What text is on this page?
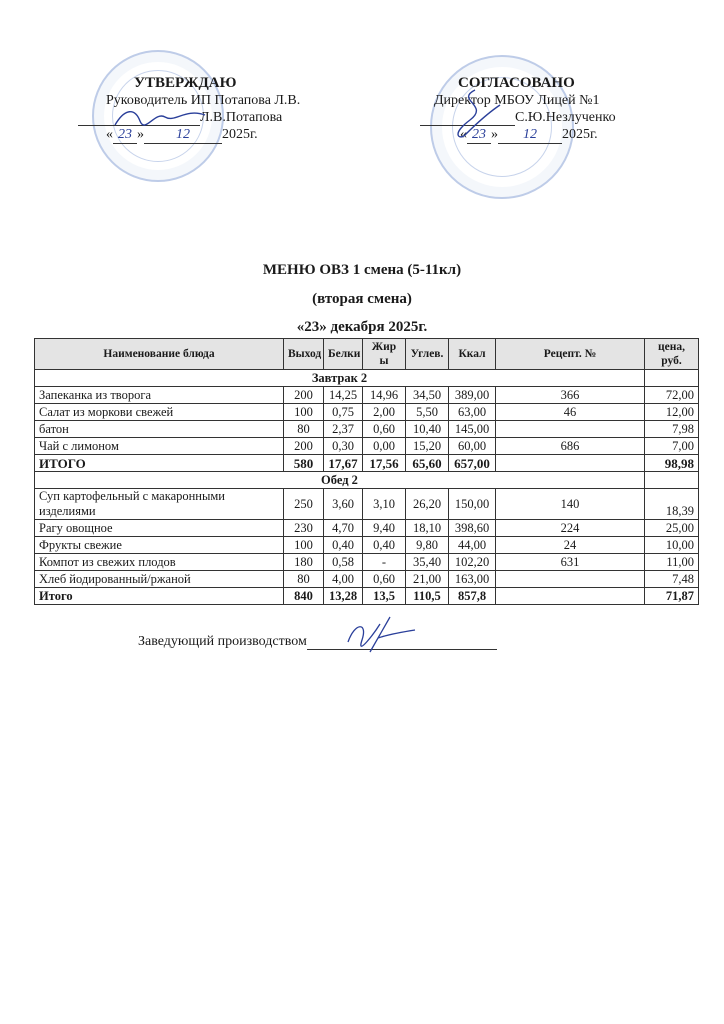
УТВЕРЖДАЮ
Руководитель ИП Потапова Л.В.
Л.В.Потапова
« 23 » 12 2025г.
СОГЛАСОВАНО
Директор МБОУ Лицей №1
С.Ю.Незлученко
« 23 » 12 2025г.
МЕНЮ ОВЗ 1 смена (5-11кл)
(вторая смена)
«23» декабря 2025г.
Наименование блюда	Выход	Белки	Жир ы	Углев.	Ккал	Рецепт. №	цена, руб.
Завтрак 2							
Запеканка из творога	200	14,25	14,96	34,50	389,00	366	72,00
Салат из моркови свежей	100	0,75	2,00	5,50	63,00	46	12,00
батон	80	2,37	0,60	10,40	145,00		7,98
Чай с лимоном	200	0,30	0,00	15,20	60,00	686	7,00
ИТОГО	580	17,67	17,56	65,60	657,00		98,98
Обед 2							
Суп картофельный с макаронными изделиями	250	3,60	3,10	26,20	150,00	140	18,39
Рагу овощное	230	4,70	9,40	18,10	398,60	224	25,00
Фрукты свежие	100	0,40	0,40	9,80	44,00	24	10,00
Компот из свежих плодов	180	0,58	-	35,40	102,20	631	11,00
Хлеб йодированный/ржаной	80	4,00	0,60	21,00	163,00		7,48
Итого	840	13,28	13,5	110,5	857,8		71,87
Заведующий производством
